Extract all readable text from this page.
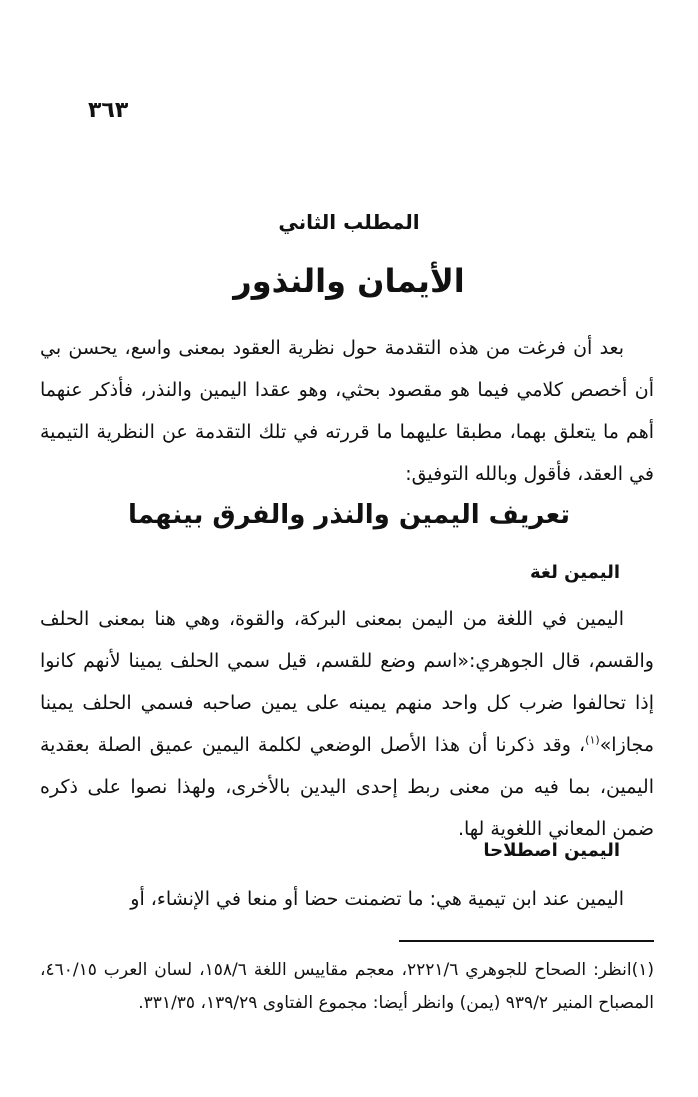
٣٦٣
المطلب الثاني
الأيمان والنذور

بعد أن فرغت من هذه التقدمة حول نظرية العقود بمعنى واسع، يحسن بي أن أخصص كلامي فيما هو مقصود بحثي، وهو عقدا اليمين والنذر، فأذكر عنهما أهم ما يتعلق بهما، مطبقا عليهما ما قررته في تلك التقدمة عن النظرية التيمية في العقد، فأقول وبالله التوفيق:

تعريف اليمين والنذر والفرق بينهما
اليمين لغة

اليمين في اللغة من اليمن بمعنى البركة، والقوة، وهي هنا بمعنى الحلف والقسم، قال الجوهري:«اسم وضع للقسم، قيل سمي الحلف يمينا لأنهم كانوا إذا تحالفوا ضرب كل واحد منهم يمينه على يمين صاحبه فسمي الحلف يمينا مجازا»$^{(١)}$، وقد ذكرنا أن هذا الأصل الوضعي لكلمة اليمين عميق الصلة بعقدية اليمين، بما فيه من معنى ربط إحدى اليدين بالأخرى، ولهذا نصوا على ذكره ضمن المعاني اللغوية لها.

اليمين اصطلاحا

اليمين عند ابن تيمية هي: ما تضمنت حضا أو منعا في الإنشاء، أو

(١)انظر: الصحاح للجوهري ٢٢٢١/٦، معجم مقاييس اللغة ١٥٨/٦، لسان العرب ٤٦٠/١٥، المصباح المنير ٩٣٩/٢ (يمن) وانظر أيضا: مجموع الفتاوى ١٣٩/٢٩، ٣٣١/٣٥.
